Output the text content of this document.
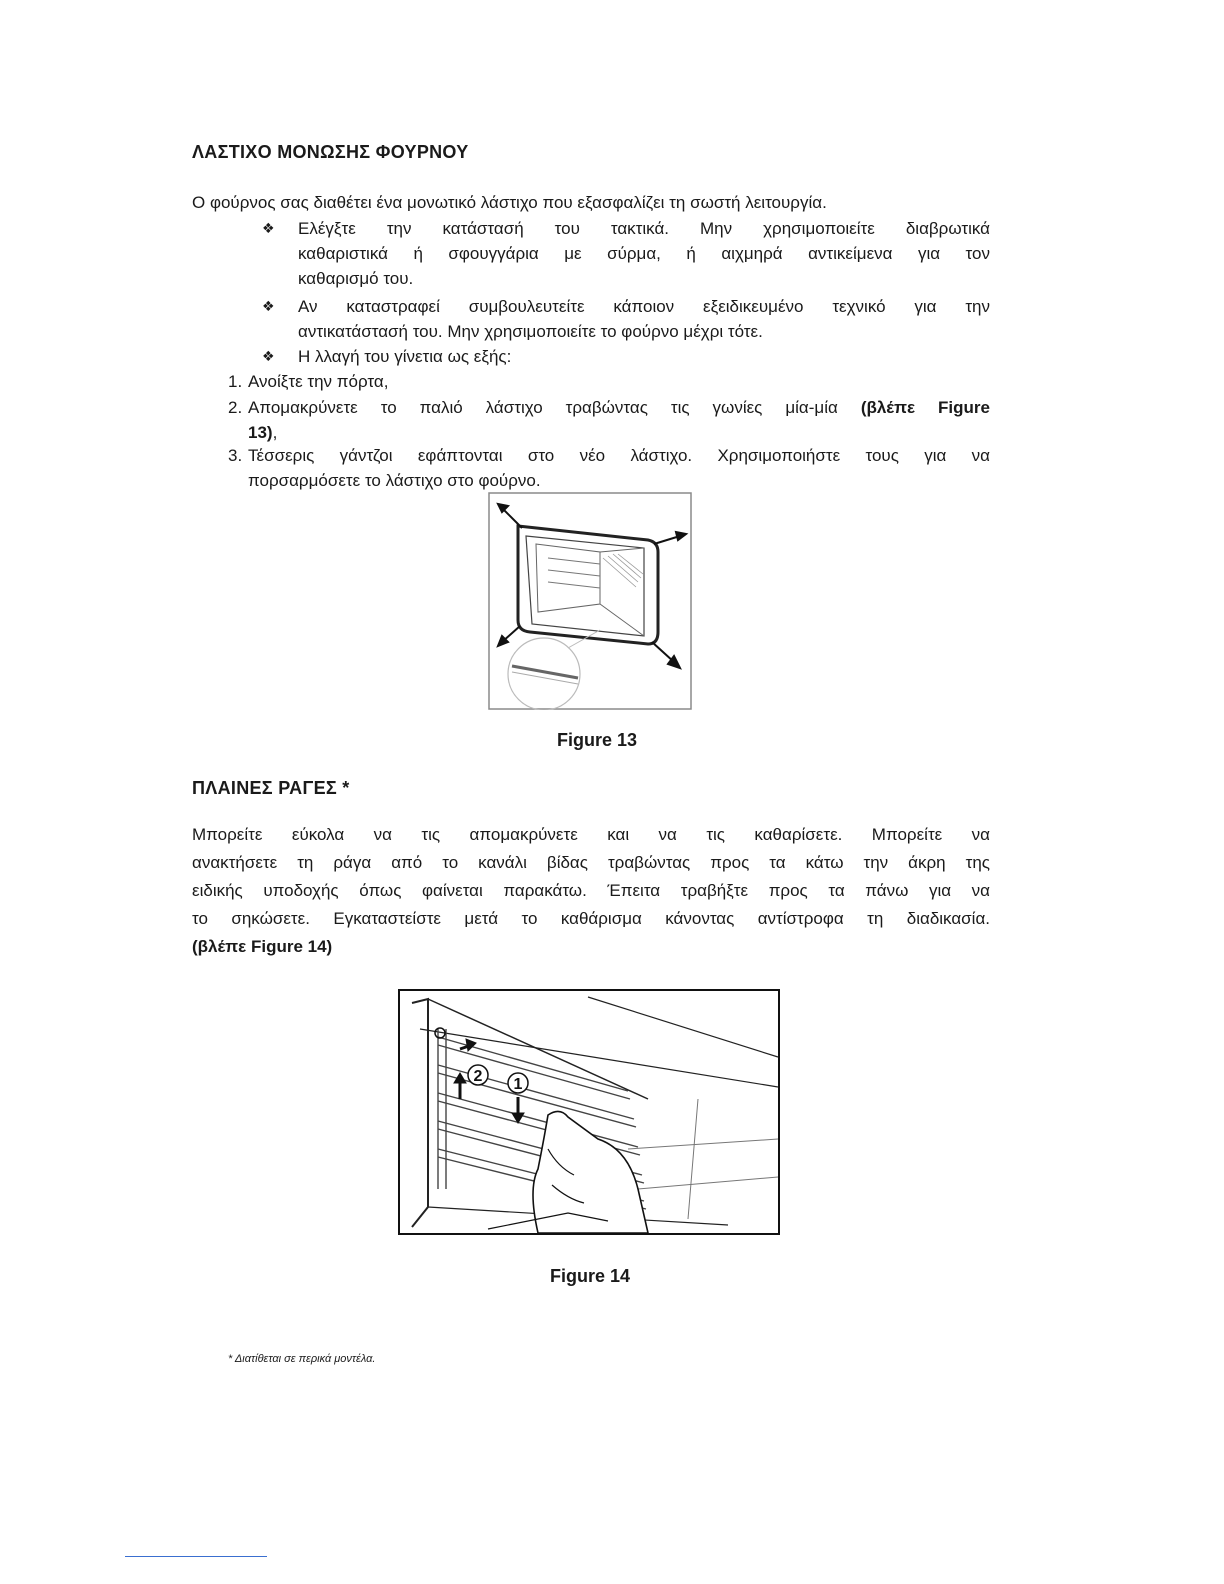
ΛΑΣΤΙΧΟ ΜΟΝΩΣΗΣ ΦΟΥΡΝΟΥ
Ο φούρνος σας διαθέτει ένα μονωτικό λάστιχο που εξασφαλίζει τη σωστή λειτουργία.
❖ Ελέγξτε την κατάστασή του τακτικά. Μην χρησιμοποιείτε διαβρωτικά
καθαριστικά ή σφουγγάρια με σύρμα, ή αιχμηρά αντικείμενα για τον
καθαρισμό του.
❖ Αν καταστραφεί συμβουλευτείτε κάποιον εξειδικευμένο τεχνικό για την
αντικατάστασή του. Μην χρησιμοποιείτε το φούρνο μέχρι τότε.
❖ Η λλαγή του γίνετια ως εξής:
1. Ανοίξτε την πόρτα,
2. Απομακρύνετε το παλιό λάστιχο τραβώντας τις γωνίες μία-μία (βλέπε Figure
13),
3. Τέσσερις γάντζοι εφάπτονται στο νέο λάστιχο. Χρησιμοποιήστε τους για να
πορσαρμόσετε το λάστιχο στο φούρνο.
Figure 13
ΠΛΑΙΝΕΣ ΡΑΓΕΣ *
Μπορείτε εύκολα να τις απομακρύνετε και να τις καθαρίσετε. Μπορείτε να
ανακτήσετε τη ράγα από το κανάλι βίδας τραβώντας προς τα κάτω την άκρη της
ειδικής υποδοχής όπως φαίνεται παρακάτω. Έπειτα τραβήξτε προς τα πάνω για να
το σηκώσετε. Εγκαταστείστε μετά το καθάρισμα κάνοντας αντίστροφα τη διαδικασία.
(βλέπε Figure 14)
2 1
Figure 14
* Διατίθεται σε περικά μοντέλα.
